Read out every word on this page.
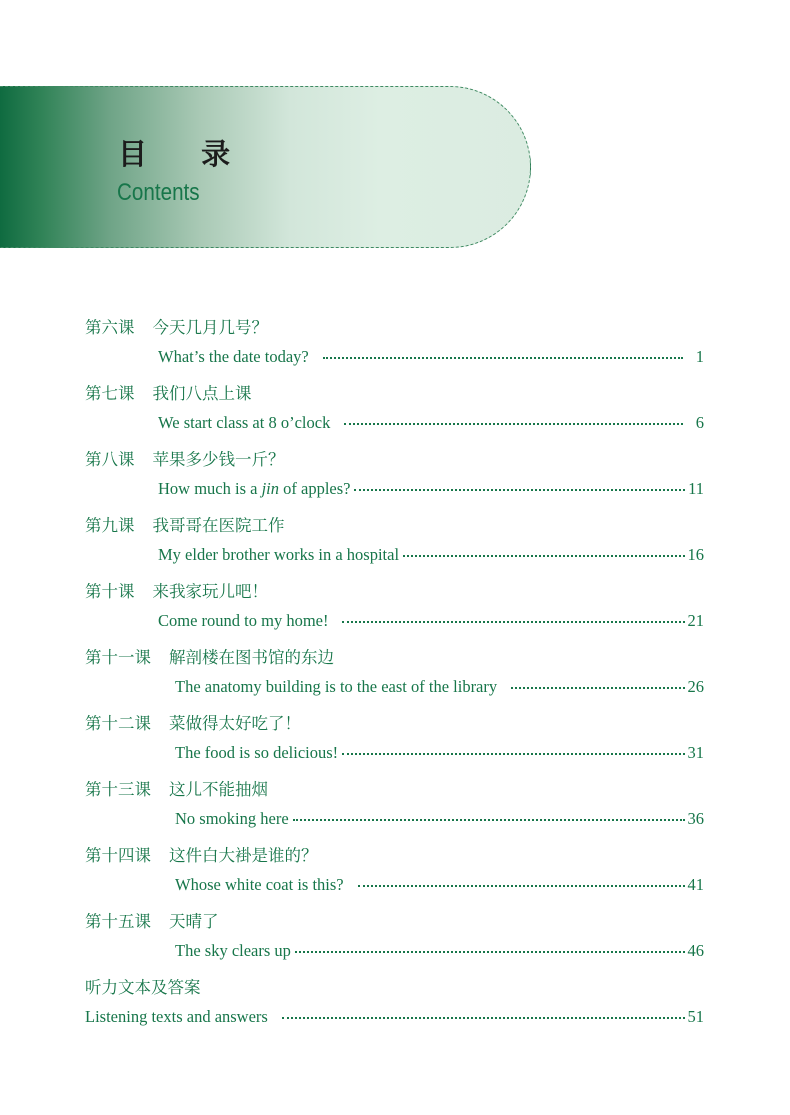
目 录
Contents
第六课 今天几月几号？
What’s the date today?	1
第七课 我们八点上课
We start class at 8 o’clock	6
第八课 苹果多少钱一斤？
How much is a jin of apples?	11
第九课 我哥哥在医院工作
My elder brother works in a hospital	16
第十课 来我家玩儿吧！
Come round to my home!	21
第十一课 解剖楼在图书馆的东边
The anatomy building is to the east of the library	26
第十二课 菜做得太好吃了！
The food is so delicious!	31
第十三课 这儿不能抽烟
No smoking here	36
第十四课 这件白大褂是谁的？
Whose white coat is this?	41
第十五课 天晴了
The sky clears up	46
听力文本及答案
Listening texts and answers	51
